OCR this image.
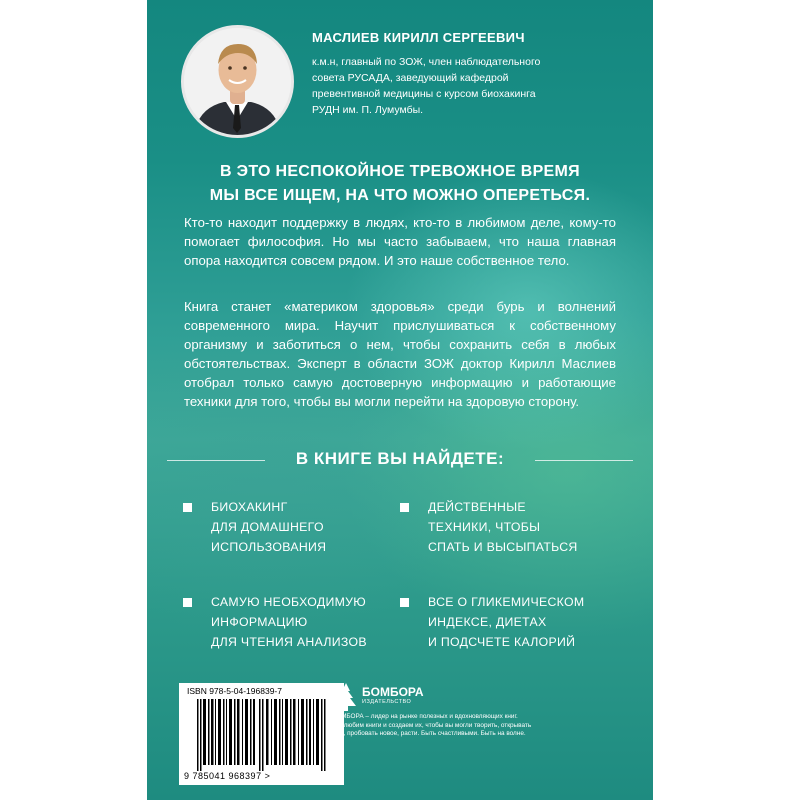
МАСЛИЕВ КИРИЛЛ СЕРГЕЕВИЧ
к.м.н, главный по ЗОЖ, член наблюдательного
совета РУСАДА, заведующий кафедрой
превентивной медицины с курсом биохакинга
РУДН им. П. Лумумбы.
В ЭТО НЕСПОКОЙНОЕ ТРЕВОЖНОЕ ВРЕМЯ
МЫ ВСЕ ИЩЕМ, НА ЧТО МОЖНО ОПЕРЕТЬСЯ.
Кто-то находит поддержку в людях, кто-то в любимом деле, кому-то помогает философия. Но мы часто забываем, что наша главная опора находится совсем рядом. И это наше собственное тело.
Книга станет «материком здоровья» среди бурь и волнений современного мира. Научит прислушиваться к собственному организму и заботиться о нем, чтобы сохранить себя в любых обстоятельствах. Эксперт в области ЗОЖ доктор Кирилл Маслиев отобрал только самую достоверную информацию и работающие техники для того, чтобы вы могли перейти на здоровую сторону.
В КНИГЕ ВЫ НАЙДЕТЕ:
БИОХАКИНГ
ДЛЯ ДОМАШНЕГО
ИСПОЛЬЗОВАНИЯ
ДЕЙСТВЕННЫЕ
ТЕХНИКИ, ЧТОБЫ
СПАТЬ И ВЫСЫПАТЬСЯ
САМУЮ НЕОБХОДИМУЮ
ИНФОРМАЦИЮ
ДЛЯ ЧТЕНИЯ АНАЛИЗОВ
ВСЕ О ГЛИКЕМИЧЕСКОМ
ИНДЕКСЕ, ДИЕТАХ
И ПОДСЧЕТЕ КАЛОРИЙ
ISBN 978-5-04-196839-7
9 785041 968397 >
БОМБОРА
ИЗДАТЕЛЬСТВО
БОМБОРА – лидер на рынке полезных и вдохновляющих книг.
Мы любим книги и создаем их, чтобы вы могли творить, открывать
мир, пробовать новое, расти. Быть счастливыми. Быть на волне.
